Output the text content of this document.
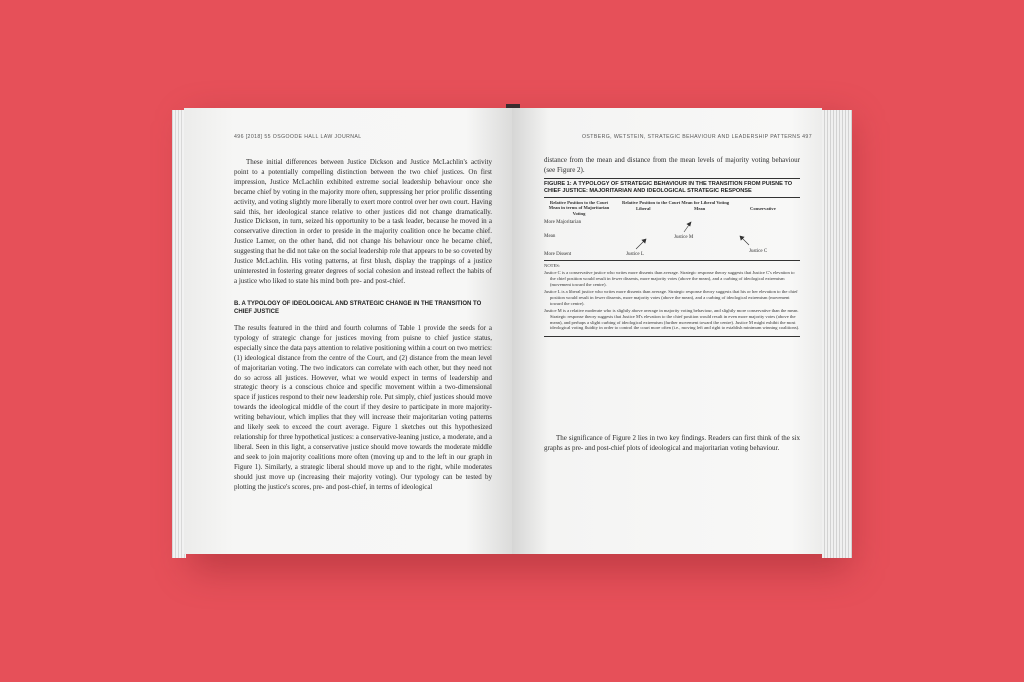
496 [2018] 55 OSGOODE HALL LAW JOURNAL

These initial differences between Justice Dickson and Justice McLachlin's activity point to a potentially compelling distinction between the two chief justices. On first impression, Justice McLachlin exhibited extreme social leadership behaviour once she became chief by voting in the majority more often, suppressing her prior prolific dissenting activity, and voting slightly more liberally to exert more control over her own court. Having said this, her ideological stance relative to other justices did not change dramatically. Justice Dickson, in turn, seized his opportunity to be a task leader, because he moved in a conservative direction in order to preside in the majority coalition once he became chief. Justice Lamer, on the other hand, did not change his behaviour once he became chief, suggesting that he did not take on the social leadership role that appears to be so coveted by Justice McLachlin. His voting patterns, at first blush, display the trappings of a justice uninterested in fostering greater degrees of social cohesion and instead reflect the habits of a justice who liked to state his mind both pre- and post-chief.

B. A TYPOLOGY OF IDEOLOGICAL AND STRATEGIC CHANGE IN THE TRANSITION TO CHIEF JUSTICE

The results featured in the third and fourth columns of Table 1 provide the seeds for a typology of strategic change for justices moving from puisne to chief justice status, especially since the data pays attention to relative positioning within a court on two metrics: (1) ideological distance from the centre of the Court, and (2) distance from the mean level of majoritarian voting. The two indicators can correlate with each other, but they need not do so across all justices. However, what we would expect in terms of leadership and strategic theory is a conscious choice and specific movement within a two-dimensional space if justices respond to their new leadership role. Put simply, chief justices should move towards the ideological middle of the court if they desire to participate in more majority-writing behaviour, which implies that they will increase their majoritarian voting patterns and likely seek to exceed the court average. Figure 1 sketches out this hypothesized relationship for three hypothetical justices: a conservative-leaning justice, a moderate, and a liberal. Seen in this light, a conservative justice should move towards the moderate middle and seek to join majority coalitions more often (moving up and to the left in our graph in Figure 1). Similarly, a strategic liberal should move up and to the right, while moderates should just move up (increasing their majority voting). Our typology can be tested by plotting the justice's scores, pre- and post-chief, in terms of ideological

OSTBERG, WETSTEIN, STRATEGIC BEHAVIOUR AND LEADERSHIP PATTERNS 497

distance from the mean and distance from the mean levels of majority voting behaviour (see Figure 2).

FIGURE 1: A TYPOLOGY OF STRATEGIC BEHAVIOUR IN THE TRANSITION FROM PUISNE TO CHIEF JUSTICE: MAJORITARIAN AND IDEOLOGICAL STRATEGIC RESPONSE
Relative Position to the Court Mean in terms of Majoritarian Voting
Relative Position to the Court Mean for Liberal Voting
Liberal	Mean	Conservative
More Majoritarian
Mean
More Dissent	Justice L
Justice M
Justice C

NOTES:

Justice C is a conservative justice who writes more dissents than average. Strategic response theory suggests that Justice C's elevation to the chief position would result in fewer dissents, more majority votes (above the mean), and a curbing of ideological extremism (movement toward the centre).

Justice L is a liberal justice who writes more dissents than average. Strategic response theory suggests that his or her elevation to the chief position would result in fewer dissents, more majority votes (above the mean), and a curbing of ideological extremism (movement toward the centre).

Justice M is a relative moderate who is slightly above average in majority voting behaviour, and slightly more conservative than the mean. Strategic response theory suggests that Justice M's elevation to the chief position would result in even more majority votes (above the mean), and perhaps a slight curbing of ideological extremism (further movement toward the centre). Justice M might exhibit the most ideological voting fluidity in order to control the court more often (i.e., moving left and right to establish minimum winning coalitions).

The significance of Figure 2 lies in two key findings. Readers can first think of the six graphs as pre- and post-chief plots of ideological and majoritarian voting behaviour.
